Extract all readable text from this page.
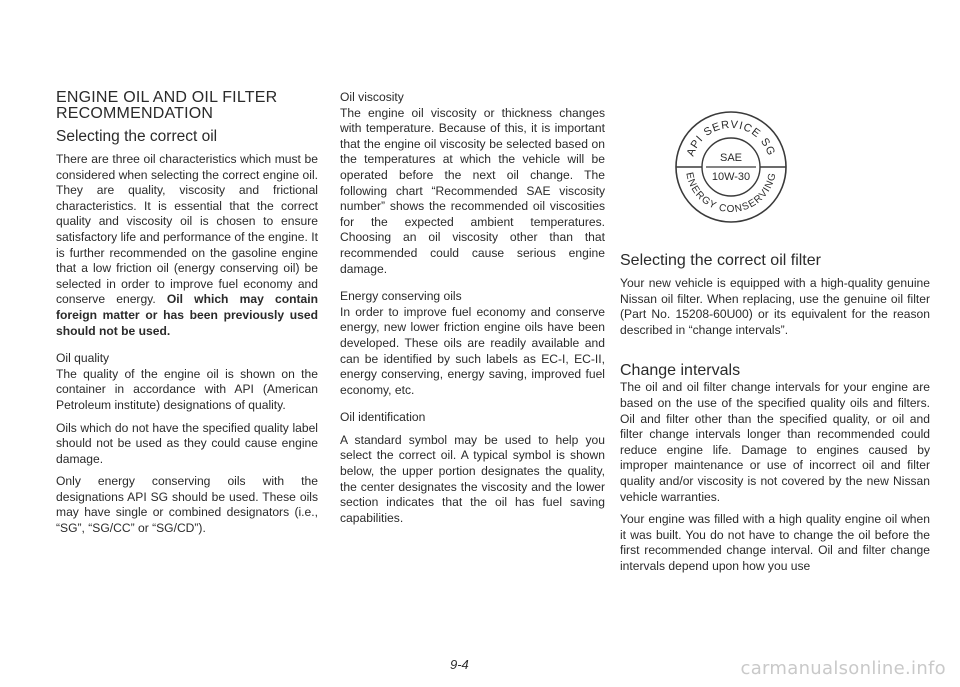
ENGINE OIL AND OIL FILTER
RECOMMENDATION

Selecting the correct oil

There are three oil characteristics which must be considered when selecting the correct engine oil. They are quality, viscosity and frictional characteristics. It is essential that the correct quality and viscosity oil is chosen to ensure satisfactory life and performance of the engine. It is further recommended on the gasoline engine that a low friction oil (energy conserving oil) be selected in order to improve fuel economy and conserve energy. Oil which may contain foreign matter or has been previously used should not be used.

Oil quality

The quality of the engine oil is shown on the container in accordance with API (American Petroleum institute) designations of quality.

Oils which do not have the specified quality label should not be used as they could cause engine damage.

Only energy conserving oils with the designations API SG should be used. These oils may have single or combined designators (i.e., “SG”, “SG/CC” or “SG/CD”).

Oil viscosity

The engine oil viscosity or thickness changes with temperature. Because of this, it is important that the engine oil viscosity be selected based on the temperatures at which the vehicle will be operated before the next oil change. The following chart “Recommended SAE viscosity number” shows the recommended oil viscosities for the expected ambient temperatures. Choosing an oil viscosity other than that recommended could cause serious engine damage.

Energy conserving oils

In order to improve fuel economy and conserve energy, new lower friction engine oils have been developed. These oils are readily available and can be identified by such labels as EC-I, EC-II, energy conserving, energy saving, improved fuel economy, etc.

Oil identification

A standard symbol may be used to help you select the correct oil. A typical symbol is shown below, the upper portion designates the quality, the center designates the viscosity and the lower section indicates that the oil has fuel saving capabilities.

API SERVICE SG
ENERGY CONSERVING
SAE
10W-30

Selecting the correct oil filter

Your new vehicle is equipped with a high-quality genuine Nissan oil filter. When replacing, use the genuine oil filter (Part No. 15208-60U00) or its equivalent for the reason described in “change intervals”.

Change intervals

The oil and oil filter change intervals for your engine are based on the use of the specified quality oils and filters. Oil and filter other than the specified quality, or oil and filter change intervals longer than recommended could reduce engine life. Damage to engines caused by improper maintenance or use of incorrect oil and filter quality and/or viscosity is not covered by the new Nissan vehicle warranties.

Your engine was filled with a high quality engine oil when it was built. You do not have to change the oil before the first recommended change interval. Oil and filter change intervals depend upon how you use

9-4	carmanualsonline.info
